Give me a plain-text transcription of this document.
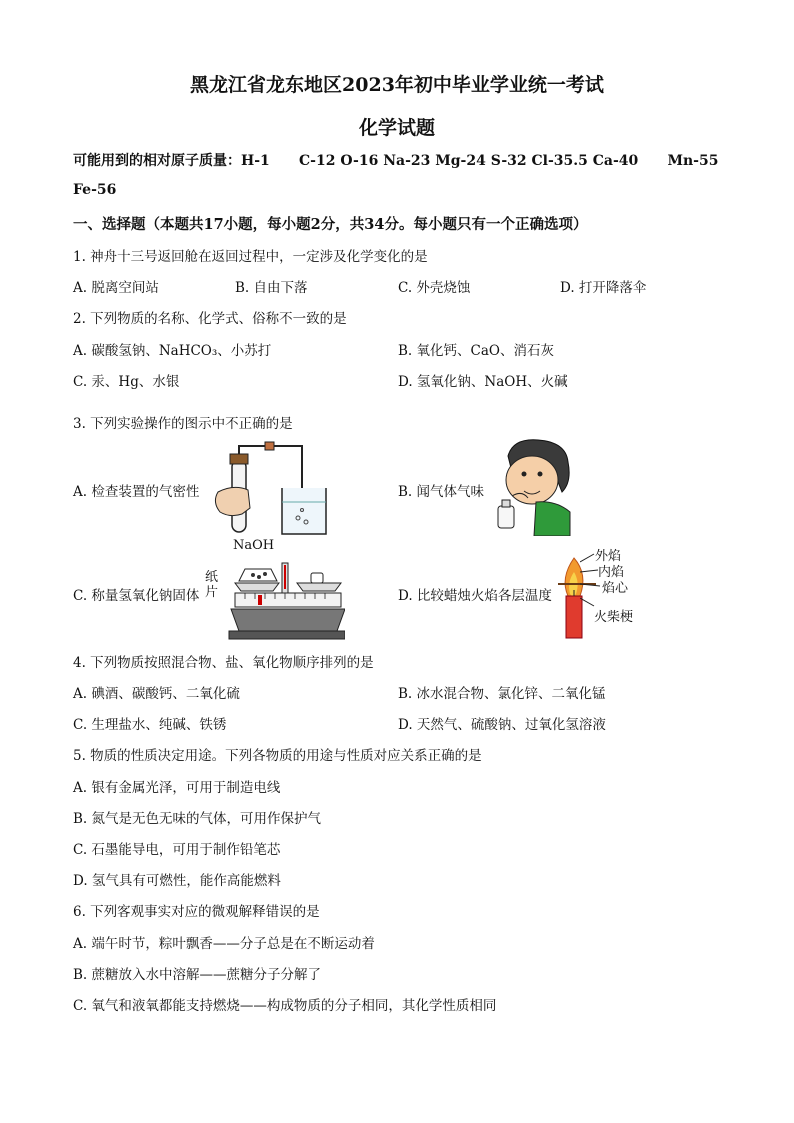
黑龙江省龙东地区2023年初中毕业学业统一考试
化学试题
可能用到的相对原子质量：H-1      C-12 O-16 Na-23 Mg-24 S-32 Cl-35.5 Ca-40      Mn-55
Fe-56
一、选择题（本题共17小题，每小题2分，共34分。每小题只有一个正确选项）
1. 神舟十三号返回舱在返回过程中，一定涉及化学变化的是
A. 脱离空间站	B. 自由下落	C. 外壳烧蚀	D. 打开降落伞
2. 下列物质的名称、化学式、俗称不一致的是
A. 碳酸氢钠、NaHCO₃、小苏打	B. 氧化钙、CaO、消石灰
C. 汞、Hg、水银	D. 氢氧化钠、NaOH、火碱
3. 下列实验操作的图示中不正确的是
A. 检查装置的气密性	B. 闻气体气味
C. 称量氢氧化钠固体	D. 比较蜡烛火焰各层温度
NaOH
纸片
外焰
内焰
焰心
火柴梗
4. 下列物质按照混合物、盐、氧化物顺序排列的是
A. 碘酒、碳酸钙、二氧化硫	B. 冰水混合物、氯化锌、二氧化锰
C. 生理盐水、纯碱、铁锈	D. 天然气、硫酸钠、过氧化氢溶液
5. 物质的性质决定用途。下列各物质的用途与性质对应关系正确的是
A. 银有金属光泽，可用于制造电线
B. 氮气是无色无味的气体，可用作保护气
C. 石墨能导电，可用于制作铅笔芯
D. 氢气具有可燃性，能作高能燃料
6. 下列客观事实对应的微观解释错误的是
A. 端午时节，粽叶飘香——分子总是在不断运动着
B. 蔗糖放入水中溶解——蔗糖分子分解了
C. 氧气和液氧都能支持燃烧——构成物质的分子相同，其化学性质相同
